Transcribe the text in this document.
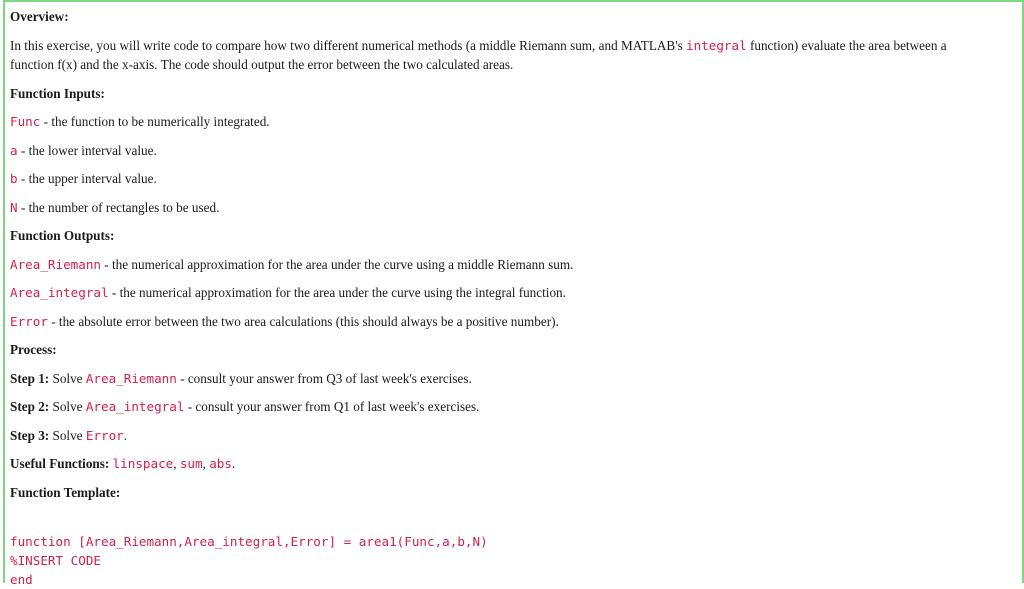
Overview:
In this exercise, you will write code to compare how two different numerical methods (a middle Riemann sum, and MATLAB's integral function) evaluate the area between a
function f(x) and the x-axis. The code should output the error between the two calculated areas.
Function Inputs:
Func - the function to be numerically integrated.
a - the lower interval value.
b - the upper interval value.
N - the number of rectangles to be used.
Function Outputs:
Area_Riemann - the numerical approximation for the area under the curve using a middle Riemann sum.
Area_integral - the numerical approximation for the area under the curve using the integral function.
Error - the absolute error between the two area calculations (this should always be a positive number).
Process:
Step 1: Solve Area_Riemann - consult your answer from Q3 of last week's exercises.
Step 2: Solve Area_integral - consult your answer from Q1 of last week's exercises.
Step 3: Solve Error.
Useful Functions: linspace, sum, abs.
Function Template:
function [Area_Riemann,Area_integral,Error] = area1(Func,a,b,N)
%INSERT CODE
end
